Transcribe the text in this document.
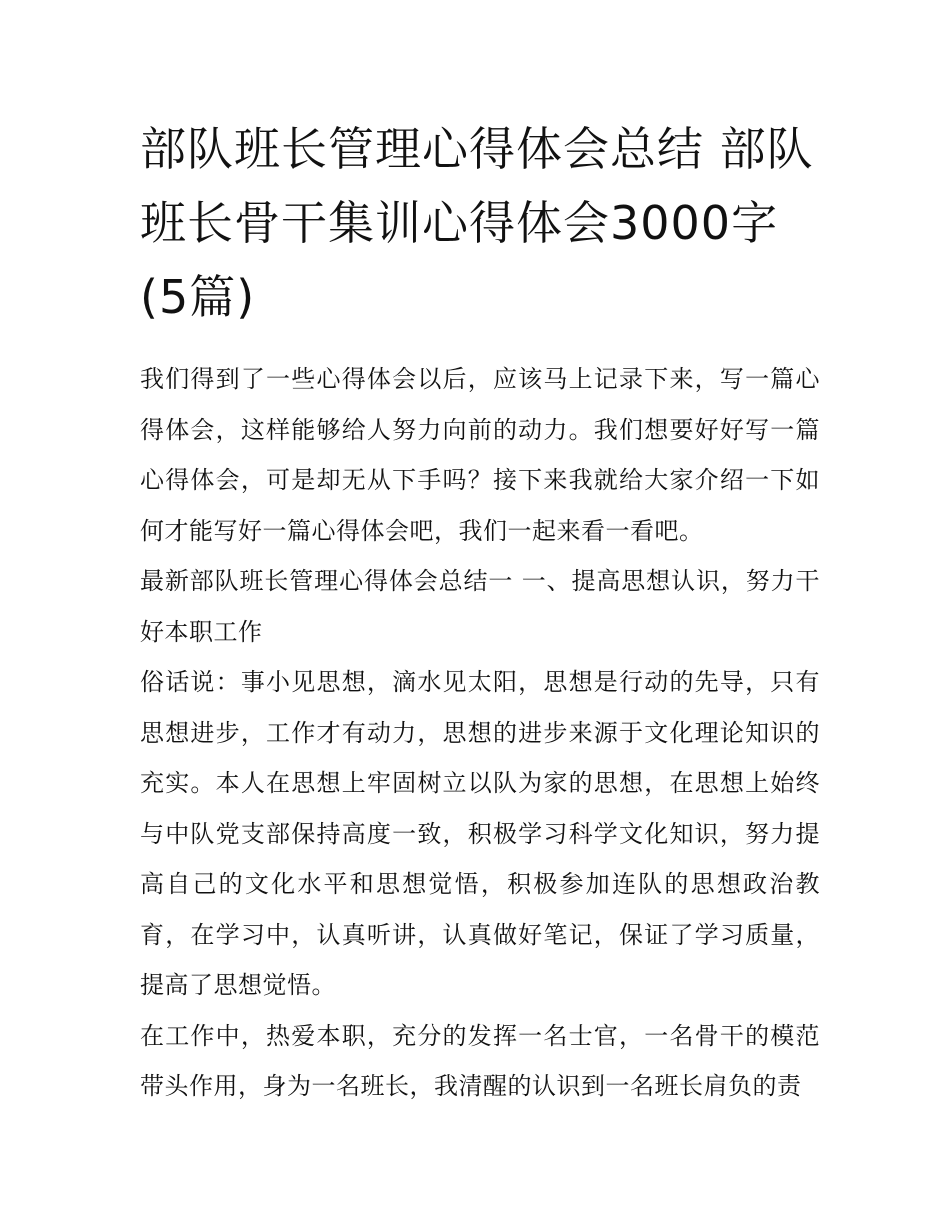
部队班长管理心得体会总结 部队班长骨干集训心得体会3000字(5篇)

我们得到了一些心得体会以后，应该马上记录下来，写一篇心得体会，这样能够给人努力向前的动力。我们想要好好写一篇心得体会，可是却无从下手吗？接下来我就给大家介绍一下如何才能写好一篇心得体会吧，我们一起来看一看吧。

最新部队班长管理心得体会总结一 一、提高思想认识，努力干好本职工作

俗话说：事小见思想，滴水见太阳，思想是行动的先导，只有思想进步，工作才有动力，思想的进步来源于文化理论知识的充实。本人在思想上牢固树立以队为家的思想，在思想上始终与中队党支部保持高度一致，积极学习科学文化知识，努力提高自己的文化水平和思想觉悟，积极参加连队的思想政治教育，在学习中，认真听讲，认真做好笔记，保证了学习质量，提高了思想觉悟。

在工作中，热爱本职，充分的发挥一名士官，一名骨干的模范带头作用，身为一名班长，我清醒的认识到一名班长肩负的责
